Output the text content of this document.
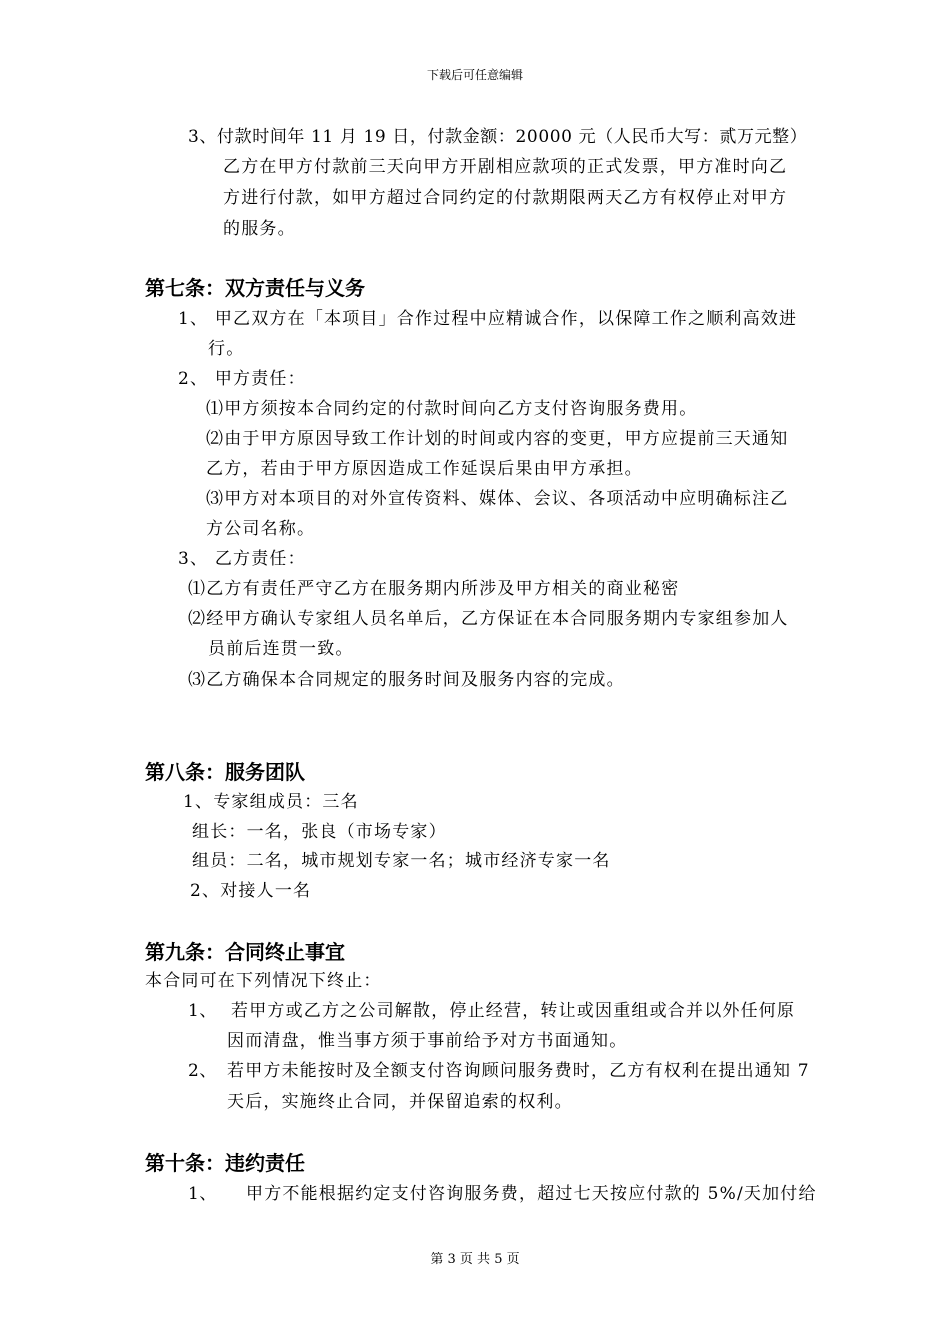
下载后可任意编辑
3、付款时间年 11 月 19 日，付款金额：20000 元（人民币大写：贰万元整）
乙方在甲方付款前三天向甲方开剧相应款项的正式发票，甲方准时向乙
方进行付款，如甲方超过合同约定的付款期限两天乙方有权停止对甲方
的服务。
第七条：双方责任与义务
1、 甲乙双方在「本项目」合作过程中应精诚合作，以保障工作之顺利高效进
行。
2、 甲方责任：
⑴甲方须按本合同约定的付款时间向乙方支付咨询服务费用。
⑵由于甲方原因导致工作计划的时间或内容的变更，甲方应提前三天通知
乙方，若由于甲方原因造成工作延误后果由甲方承担。
⑶甲方对本项目的对外宣传资料、媒体、会议、各项活动中应明确标注乙
方公司名称。
3、 乙方责任：
⑴乙方有责任严守乙方在服务期内所涉及甲方相关的商业秘密
⑵经甲方确认专家组人员名单后，乙方保证在本合同服务期内专家组参加人
员前后连贯一致。
⑶乙方确保本合同规定的服务时间及服务内容的完成。
第八条：服务团队
1、专家组成员：三名
组长：一名，张良（市场专家）
组员：二名，城市规划专家一名；城市经济专家一名
2、对接人一名
第九条：合同终止事宜
本合同可在下列情况下终止：
1、 若甲方或乙方之公司解散，停止经营，转让或因重组或合并以外任何原
因而清盘，惟当事方须于事前给予对方书面通知。
2、 若甲方未能按时及全额支付咨询顾问服务费时，乙方有权利在提出通知 7
天后，实施终止合同，并保留追索的权利。
第十条：违约责任
1、 甲方不能根据约定支付咨询服务费，超过七天按应付款的 5%/天加付给
第 3 页 共 5 页
